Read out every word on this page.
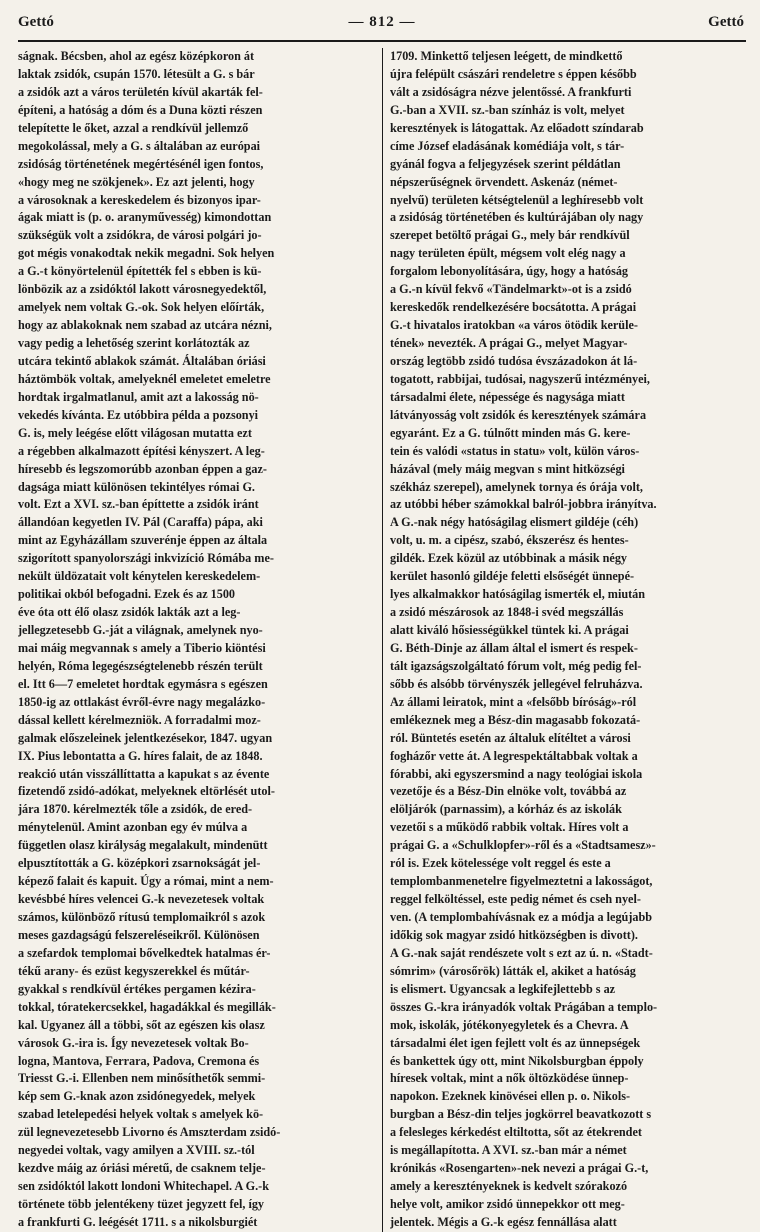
Gettó	— 812 —	Gettó
ságnak. Bécsben, ahol az egész középkoron át
laktak zsidók, csupán 1570. létesült a G. s bár
a zsidók azt a város területén kívül akarták fel-
építeni, a hatóság a dóm és a Duna közti részen
telepítette le őket, azzal a rendkívül jellemző
megokolással, mely a G. s általában az európai
zsidóság történetének megértésénél igen fontos,
«hogy meg ne szökjenek». Ez azt jelenti, hogy
a városoknak a kereskedelem és bizonyos ipar-
ágak miatt is (p. o. aranyművesség) kimondottan
szükségük volt a zsidókra, de városi polgári jo-
got mégis vonakodtak nekik megadni. Sok helyen
a G.-t könyörtelenül építették fel s ebben is kü-
lönbözik az a zsidóktól lakott városnegyedektől,
amelyek nem voltak G.-ok. Sok helyen előírták,
hogy az ablakoknak nem szabad az utcára nézni,
vagy pedig a lehetőség szerint korlátozták az
utcára tekintő ablakok számát. Általában óriási
háztömbök voltak, amelyeknél emeletet emeletre
hordtak irgalmatlanul, amit azt a lakosság nö-
vekedés kívánta. Ez utóbbira példa a pozsonyi
G. is, mely leégése előtt világosan mutatta ezt
a régebben alkalmazott építési kényszert. A leg-
híresebb és legszomorúbb azonban éppen a gaz-
dagsága miatt különösen tekintélyes római G.
volt. Ezt a XVI. sz.-ban építtette a zsidók iránt
állandóan kegyetlen IV. Pál (Caraffa) pápa, aki
mint az Egyházállam szuverénje éppen az általa
szigorított spanyolországi inkvizíció Rómába me-
nekült üldözatait volt kénytelen kereskedelem-
politikai okból befogadni. Ezek és az 1500
éve óta ott élő olasz zsidók lakták azt a leg-
jellegzetesebb G.-ját a világnak, amelynek nyo-
mai máig megvannak s amely a Tiberio kiöntési
helyén, Róma legegészségtelenebb részén terült
el. Itt 6—7 emeletet hordtak egymásra s egészen
1850-ig az ottlakást évről-évre nagy megalázko-
dással kellett kérelmezniök. A forradalmi moz-
galmak előszeleinek jelentkezésekor, 1847. ugyan
IX. Pius lebontatta a G. híres falait, de az 1848.
reakció után visszállíttatta a kapukat s az évente
fizetendő zsidó-adókat, melyeknek eltörlését utol-
jára 1870. kérelmezték tőle a zsidók, de ered-
ménytelenül. Amint azonban egy év múlva a
független olasz királyság megalakult, mindenütt
elpusztították a G. középkori zsarnokságát jel-
képező falait és kapuit. Úgy a római, mint a nem-
kevésbbé híres velencei G.-k nevezetesek voltak
számos, különböző rítusú templomaikról s azok
meses gazdagságú felszereléseikről. Különösen
a szefardok templomai bővelkedtek hatalmas ér-
tékű arany- és ezüst kegyszerekkel és műtár-
gyakkal s rendkívül értékes pergamen kézira-
tokkal, tóratekercsekkel, hagadákkal és megillák-
kal. Ugyanez áll a többi, sőt az egészen kis olasz
városok G.-ira is. Így nevezetesek voltak Bo-
logna, Mantova, Ferrara, Padova, Cremona és
Triesst G.-i. Ellenben nem minősíthetők semmi-
kép sem G.-knak azon zsidónegyedek, melyek
szabad letelepedési helyek voltak s amelyek kö-
zül legnevezetesebb Livorno és Amszterdam zsidó-
negyedei voltak, vagy amilyen a XVIII. sz.-tól
kezdve máig az óriási méretű, de csaknem telje-
sen zsidóktól lakott londoni Whitechapel. A G.-k
története több jelentékeny tüzet jegyzett fel, így
a frankfurti G. leégését 1711. s a nikolsburgiét
1709. Minkettő teljesen leégett, de mindkettő
újra felépült császári rendeletre s éppen később
vált a zsidóságra nézve jelentőssé. A frankfurti
G.-ban a XVII. sz.-ban színház is volt, melyet
keresztények is látogattak. Az előadott színdarab
címe József eladásának komédiája volt, s tár-
gyánál fogva a feljegyzések szerint példátlan
népszerűségnek örvendett. Askenáz (német-
nyelvű) területen kétségtelenül a leghíresebb volt
a zsidóság történetében és kultúrájában oly nagy
szerepet betöltő prágai G., mely bár rendkívül
nagy területen épült, mégsem volt elég nagy a
forgalom lebonyolítására, úgy, hogy a hatóság
a G.-n kívül fekvő «Tändelmarkt»-ot is a zsidó
kereskedők rendelkezésére bocsátotta. A prágai
G.-t hivatalos iratokban «a város ötödik kerüle-
tének» nevezték. A prágai G., melyet Magyar-
ország legtöbb zsidó tudósa évszázadokon át lá-
togatott, rabbijai, tudósai, nagyszerű intézményei,
társadalmi élete, népessége és nagysága miatt
látványosság volt zsidók és keresztények számára
egyaránt. Ez a G. túlnőtt minden más G. kere-
tein és valódi «status in statu» volt, külön város-
házával (mely máig megvan s mint hitközségi
székház szerepel), amelynek tornya és órája volt,
az utóbbi héber számokkal balról-jobbra irányítva.
A G.-nak négy hatóságilag elismert gildéje (céh)
volt, u. m. a cipész, szabó, ékszerész és hentes-
gildék. Ezek közül az utóbbinak a másik négy
kerület hasonló gildéje feletti elsőségét ünnepé-
lyes alkalmakkor hatóságilag ismerték el, miután
a zsidó mészárosok az 1848-i svéd megszállás
alatt kiváló hősiességükkel tüntek ki. A prágai
G. Béth-Dinje az állam által el ismert és respek-
tált igazságszolgáltató fórum volt, még pedig fel-
sőbb és alsóbb törvényszék jellegével felruházva.
Az állami leiratok, mint a «felsőbb bíróság»-ról
emlékeznek meg a Bész-din magasabb fokozatá-
ról. Büntetés esetén az általuk elítéltet a városi
fogházőr vette át. A legrespektáltabbak voltak a
fórabbi, aki egyszersmind a nagy teológiai iskola
vezetője és a Bész-Din elnöke volt, továbbá az
elöljárók (parnassim), a kórház és az iskolák
vezetői s a működő rabbik voltak. Híres volt a
prágai G. a «Schulklopfer»-ről és a «Stadtsamesz»-
ról is. Ezek kötelessége volt reggel és este a
templombanmenetelre figyelmeztetni a lakosságot,
reggel felköltéssel, este pedig német és cseh nyel-
ven. (A templombahívásnak ez a módja a legújabb
időkig sok magyar zsidó hitközségben is divott).
A G.-nak saját rendészete volt s ezt az ú. n. «Stadt-
sómrim» (városőrök) látták el, akiket a hatóság
is elismert. Ugyancsak a legkifejlettebb s az
összes G.-kra irányadók voltak Prágában a templo-
mok, iskolák, jótékonyegyletek és a Chevra. A
társadalmi élet igen fejlett volt és az ünnepségek
és bankettek úgy ott, mint Nikolsburgban éppoly
híresek voltak, mint a nők öltözködése ünnep-
napokon. Ezeknek kinövései ellen p. o. Nikols-
burgban a Bész-din teljes jogkörrel beavatkozott s
a felesleges kérkedést eltiltotta, sőt az étekrendet
is megállapította. A XVI. sz.-ban már a német
krónikás «Rosengarten»-nek nevezi a prágai G.-t,
amely a keresztényeknek is kedvelt szórakozó
helye volt, amikor zsidó ünnepekkor ott meg-
jelentek. Mégis a G.-k egész fennállása alatt
